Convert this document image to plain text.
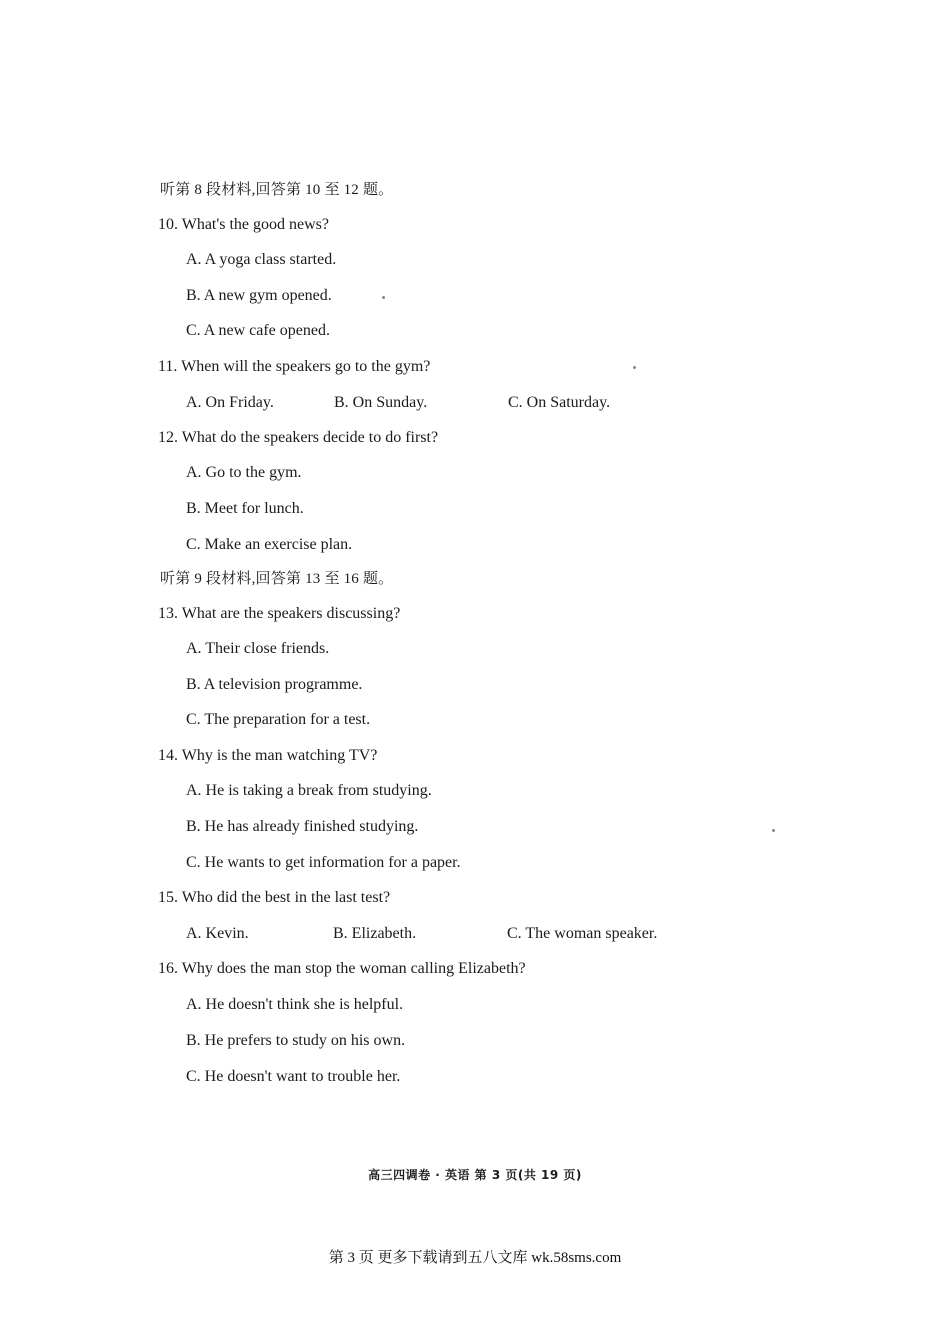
听第 8 段材料,回答第 10 至 12 题。
10. What's the good news?
A. A yoga class started.
B. A new gym opened.
C. A new cafe opened.
11. When will the speakers go to the gym?
A. On Friday.	B. On Sunday.	C. On Saturday.
12. What do the speakers decide to do first?
A. Go to the gym.
B. Meet for lunch.
C. Make an exercise plan.
听第 9 段材料,回答第 13 至 16 题。
13. What are the speakers discussing?
A. Their close friends.
B. A television programme.
C. The preparation for a test.
14. Why is the man watching TV?
A. He is taking a break from studying.
B. He has already finished studying.
C. He wants to get information for a paper.
15. Who did the best in the last test?
A. Kevin.	B. Elizabeth.	C. The woman speaker.
16. Why does the man stop the woman calling Elizabeth?
A. He doesn't think she is helpful.
B. He prefers to study on his own.
C. He doesn't want to trouble her.
高三四调卷 · 英语 第 3 页(共 19 页)
第 3 页 更多下载请到五八文库 wk.58sms.com
